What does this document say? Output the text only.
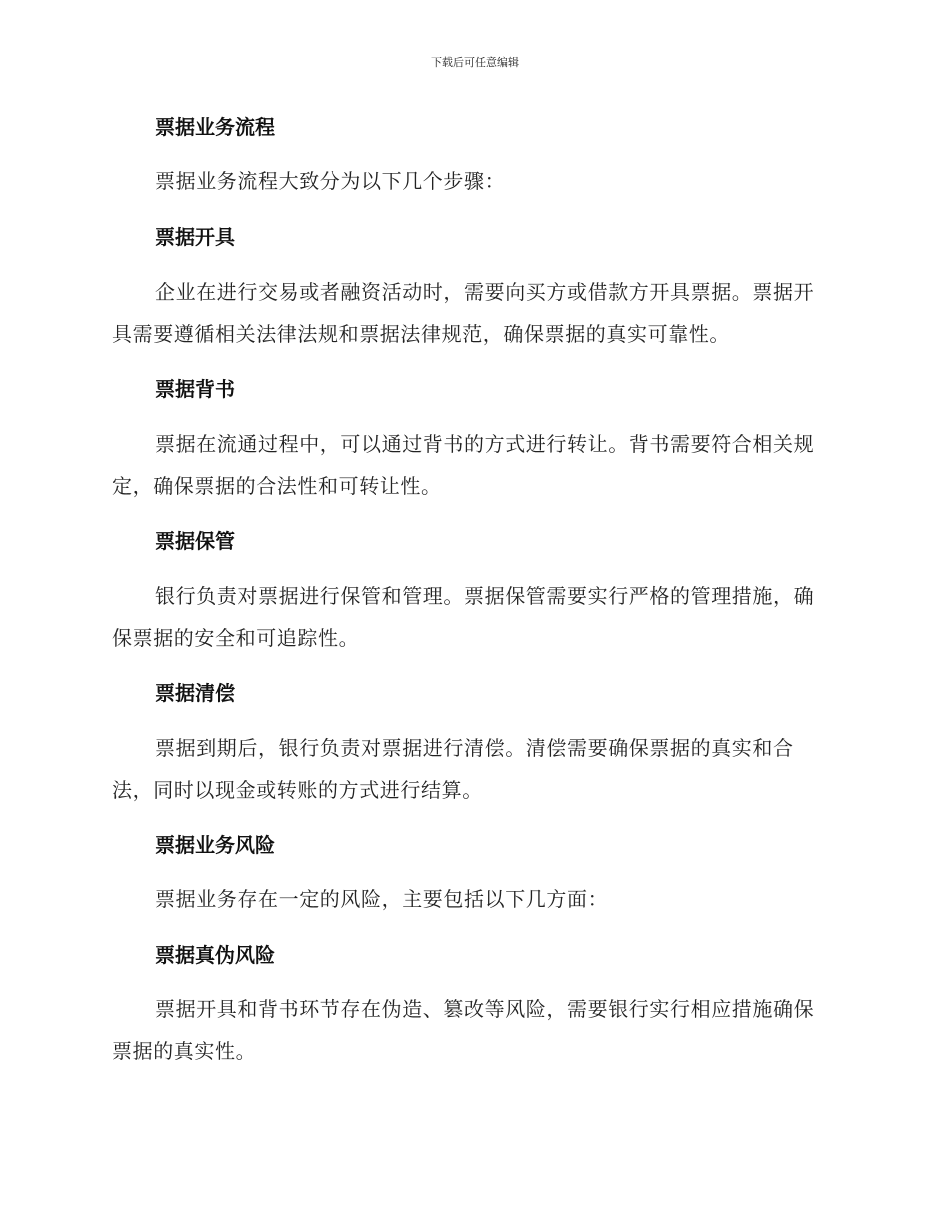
下载后可任意编辑
票据业务流程
票据业务流程大致分为以下几个步骤：
票据开具
企业在进行交易或者融资活动时，需要向买方或借款方开具票据。票据开具需要遵循相关法律法规和票据法律规范，确保票据的真实可靠性。
票据背书
票据在流通过程中，可以通过背书的方式进行转让。背书需要符合相关规定，确保票据的合法性和可转让性。
票据保管
银行负责对票据进行保管和管理。票据保管需要实行严格的管理措施，确保票据的安全和可追踪性。
票据清偿
票据到期后，银行负责对票据进行清偿。清偿需要确保票据的真实和合法，同时以现金或转账的方式进行结算。
票据业务风险
票据业务存在一定的风险，主要包括以下几方面：
票据真伪风险
票据开具和背书环节存在伪造、篡改等风险，需要银行实行相应措施确保票据的真实性。
